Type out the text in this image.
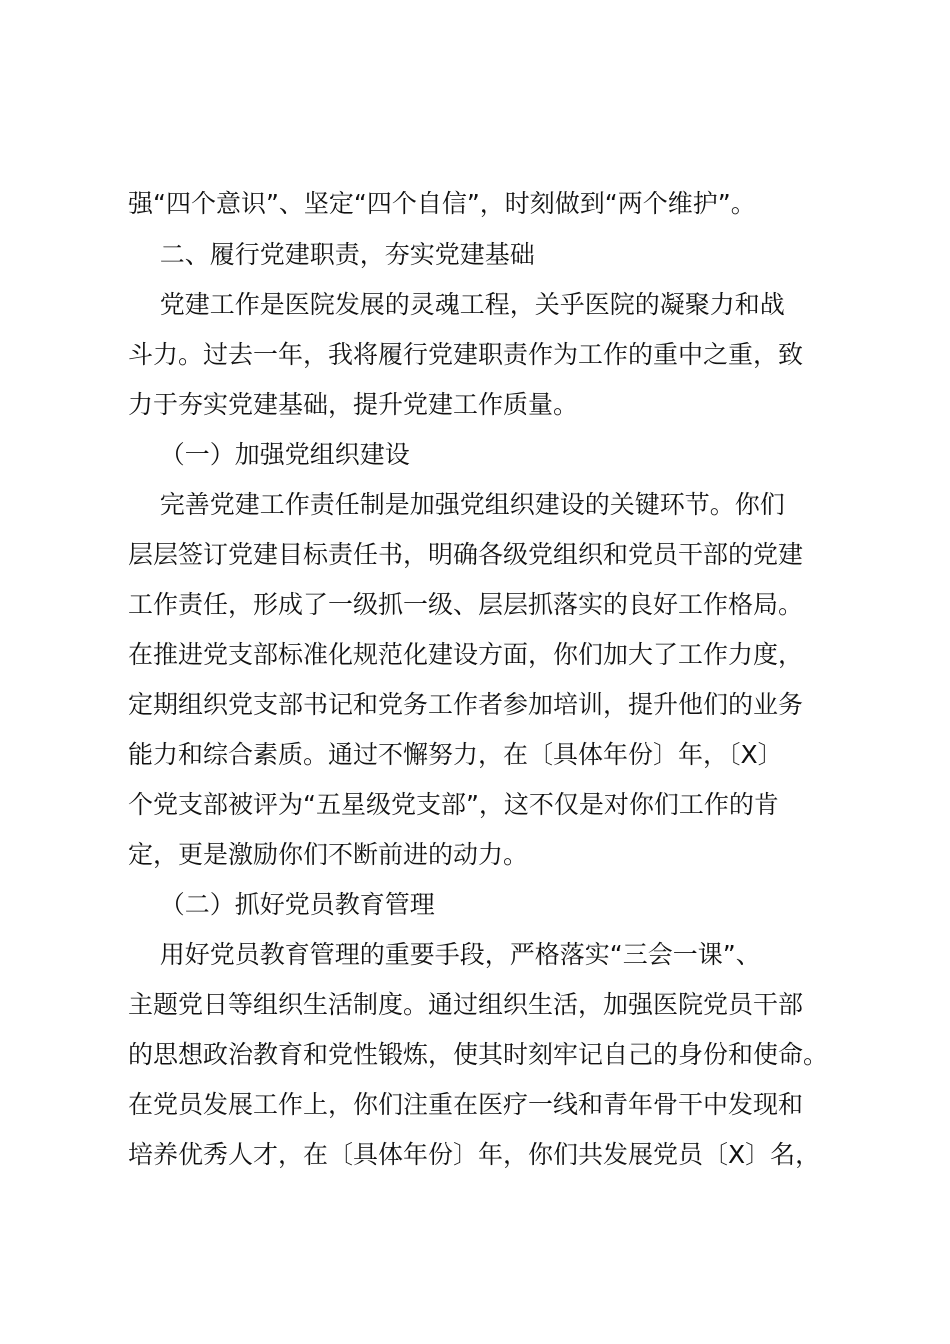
强“四个意识”、坚定“四个自信”，时刻做到“两个维护”。
二、履行党建职责，夯实党建基础
党建工作是医院发展的灵魂工程，关乎医院的凝聚力和战
斗力。过去一年，我将履行党建职责作为工作的重中之重，致
力于夯实党建基础，提升党建工作质量。
（一）加强党组织建设
完善党建工作责任制是加强党组织建设的关键环节。你们
层层签订党建目标责任书，明确各级党组织和党员干部的党建
工作责任，形成了一级抓一级、层层抓落实的良好工作格局。
在推进党支部标准化规范化建设方面，你们加大了工作力度，
定期组织党支部书记和党务工作者参加培训，提升他们的业务
能力和综合素质。通过不懈努力，在〔具体年份〕年，〔X〕
个党支部被评为“五星级党支部”，这不仅是对你们工作的肯
定，更是激励你们不断前进的动力。
（二）抓好党员教育管理
用好党员教育管理的重要手段，严格落实“三会一课”、
主题党日等组织生活制度。通过组织生活，加强医院党员干部
的思想政治教育和党性锻炼，使其时刻牢记自己的身份和使命。
在党员发展工作上，你们注重在医疗一线和青年骨干中发现和
培养优秀人才，在〔具体年份〕年，你们共发展党员〔X〕名，
